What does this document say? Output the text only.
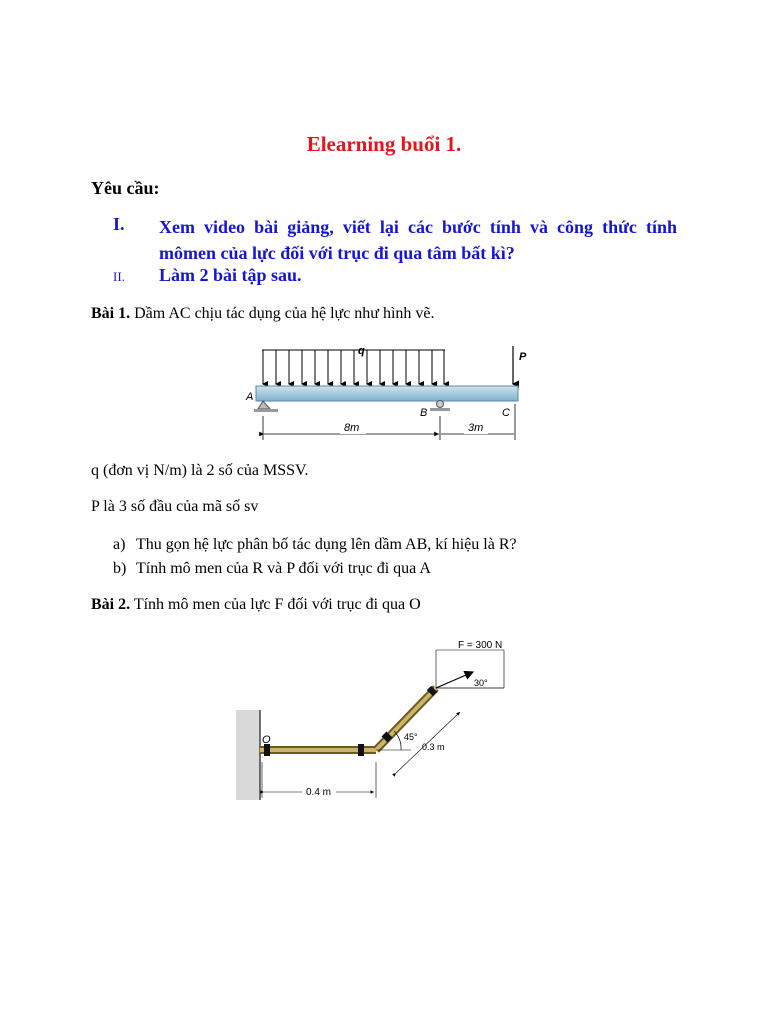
Elearning buổi 1.
Yêu cầu:
I. Xem video bài giảng, viết lại các bước tính và công thức tính mômen của lực đối với trục đi qua tâm bất kì?
II. Làm 2 bài tập sau.
Bài 1. Dầm AC chịu tác dụng của hệ lực như hình vẽ.
q	P
A
B	C
8m	3m
q (đơn vị N/m) là 2 số của MSSV.
P là 3 số đầu của mã số sv
a) Thu gọn hệ lực phân bố tác dụng lên dầm AB, kí hiệu là R?
b) Tính mô men của R và P đối với trục đi qua A
Bài 2. Tính mô men của lực F đối với trục đi qua O
F = 300 N
30°
O	45°
0.3 m
0.4 m
